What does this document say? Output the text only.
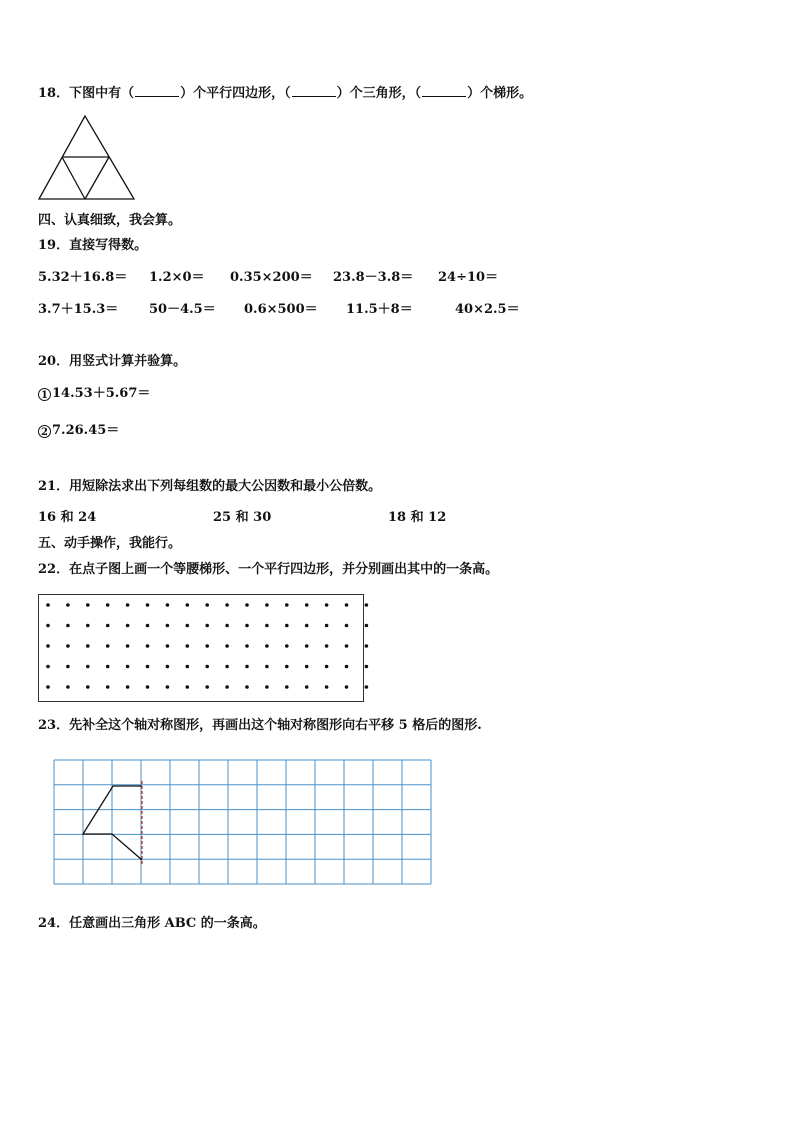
18．下图中有（	）个平行四边形，（	）个三角形，（	）个梯形。
四、认真细致，我会算。
19．直接写得数。
5.32＋16.8＝ 1.2×0＝ 0.35×200＝ 23.8－3.8＝ 24÷10＝
3.7＋15.3＝ 50－4.5＝ 0.6×500＝ 11.5＋8＝	40×2.5＝
20．用竖式计算并验算。
1 14.53＋5.67＝
2 7.26.45＝
21．用短除法求出下列每组数的最大公因数和最小公倍数。
16 和 24	25 和 30	18 和 12
五、动手操作，我能行。
22．在点子图上画一个等腰梯形、一个平行四边形，并分别画出其中的一条高。
23．先补全这个轴对称图形，再画出这个轴对称图形向右平移 5 格后的图形.
24．任意画出三角形 ABC 的一条高。
